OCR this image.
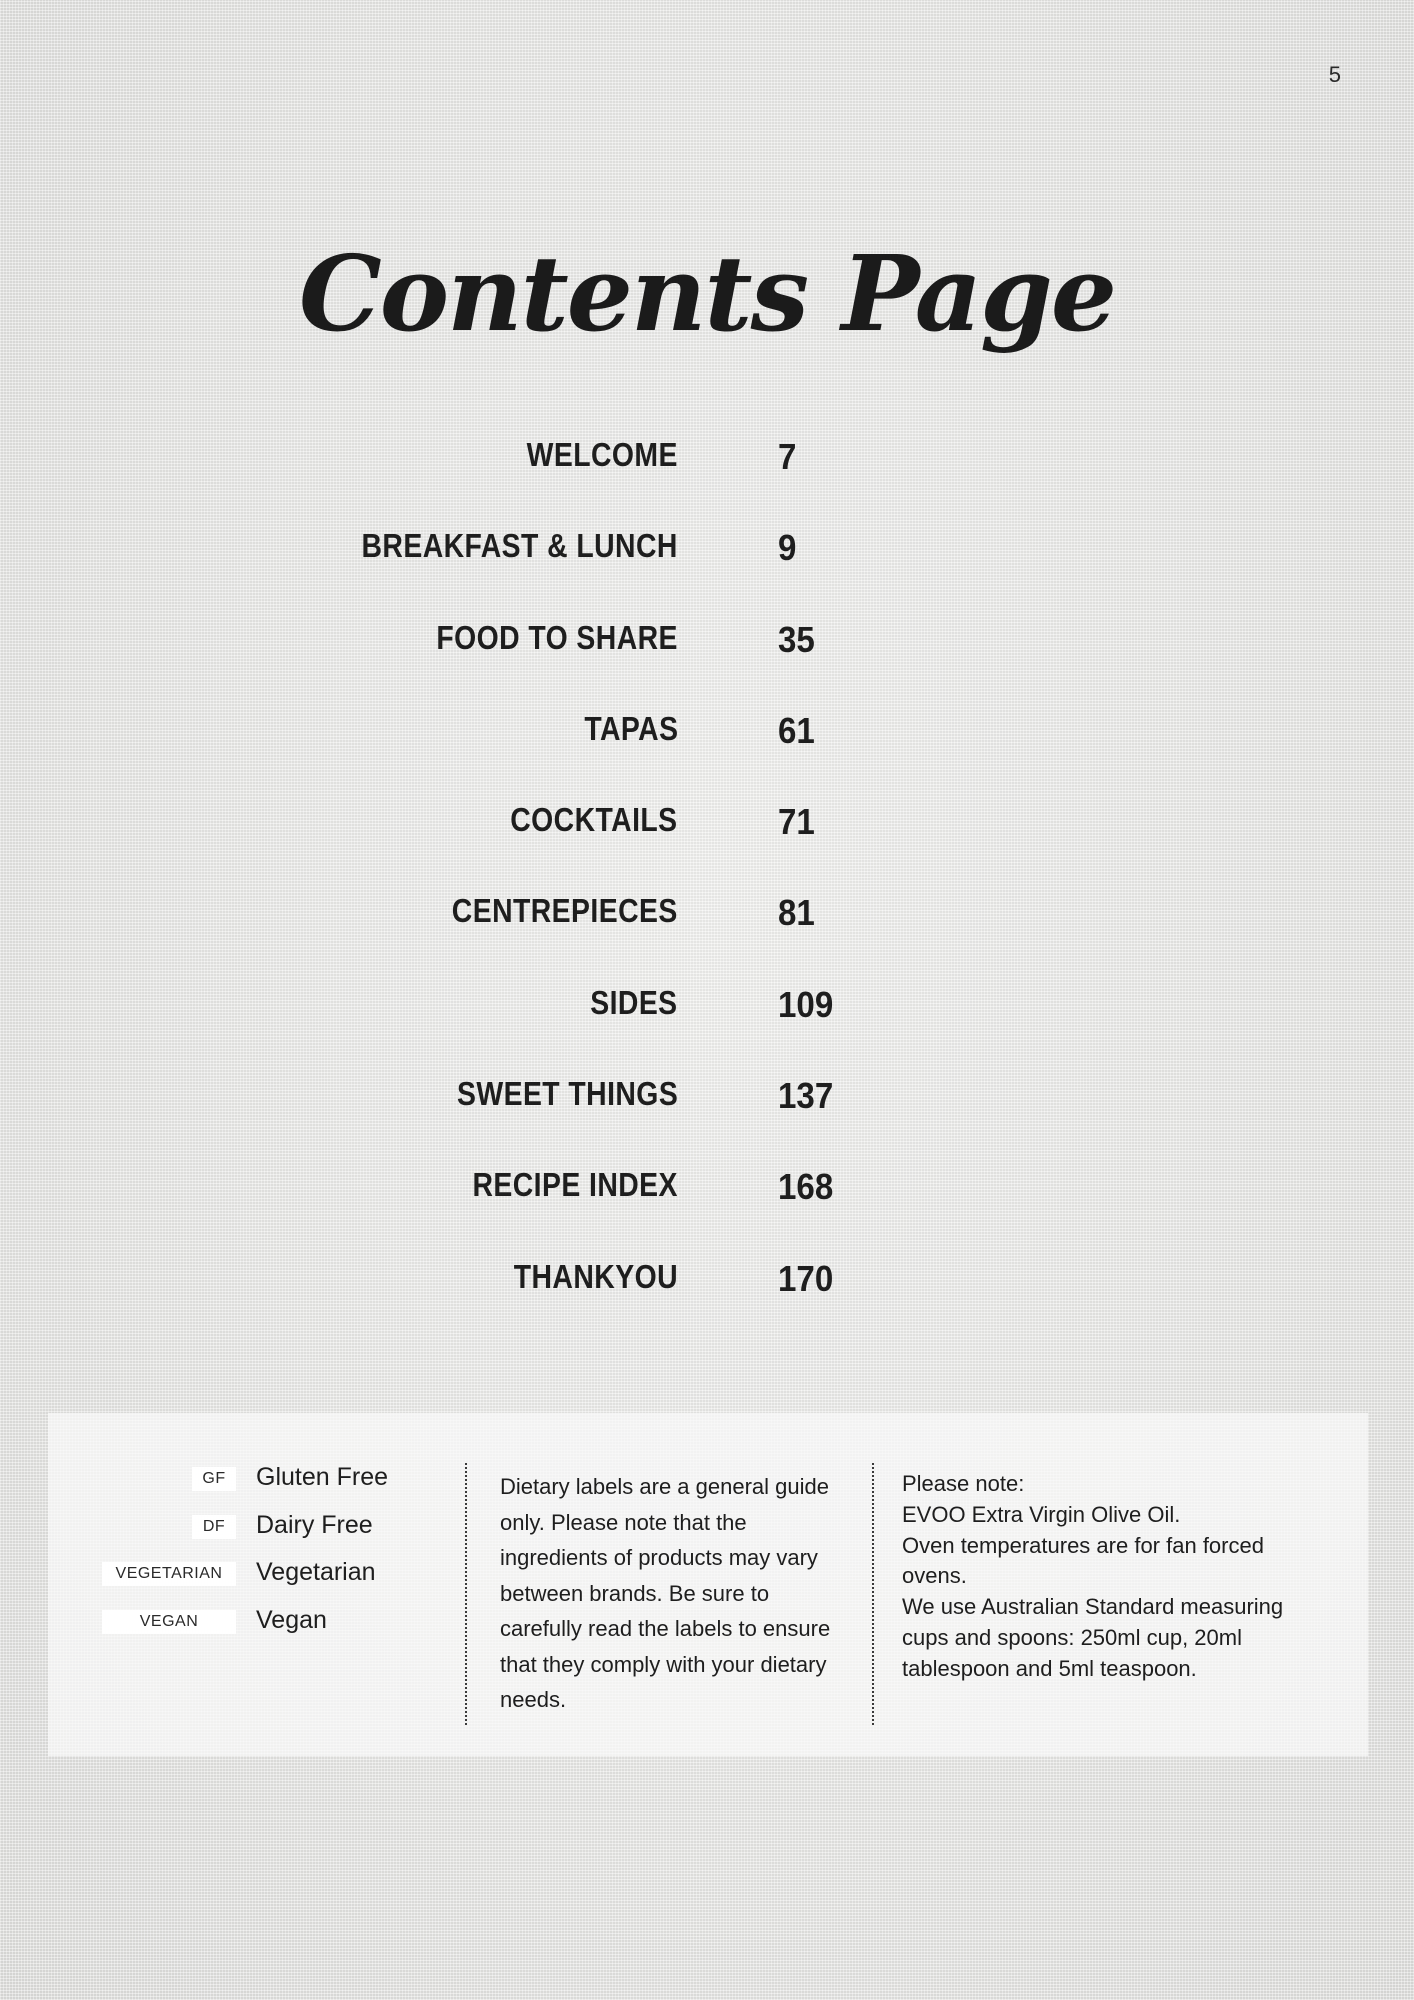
5
Contents Page
WELCOME	7
BREAKFAST & LUNCH	9
FOOD TO SHARE	35
TAPAS	61
COCKTAILS	71
CENTREPIECES	81
SIDES	109
SWEET THINGS	137
RECIPE INDEX	168
THANKYOU	170
GF	Gluten Free
DF	Dairy Free
VEGETARIAN	Vegetarian
VEGAN	Vegan
Dietary labels are a general guide only. Please note that the ingredients of products may vary between brands. Be sure to carefully read the labels to ensure that they comply with your dietary needs.
Please note:
EVOO Extra Virgin Olive Oil.
Oven temperatures are for fan forced ovens.
We use Australian Standard measuring cups and spoons: 250ml cup, 20ml tablespoon and 5ml teaspoon.
